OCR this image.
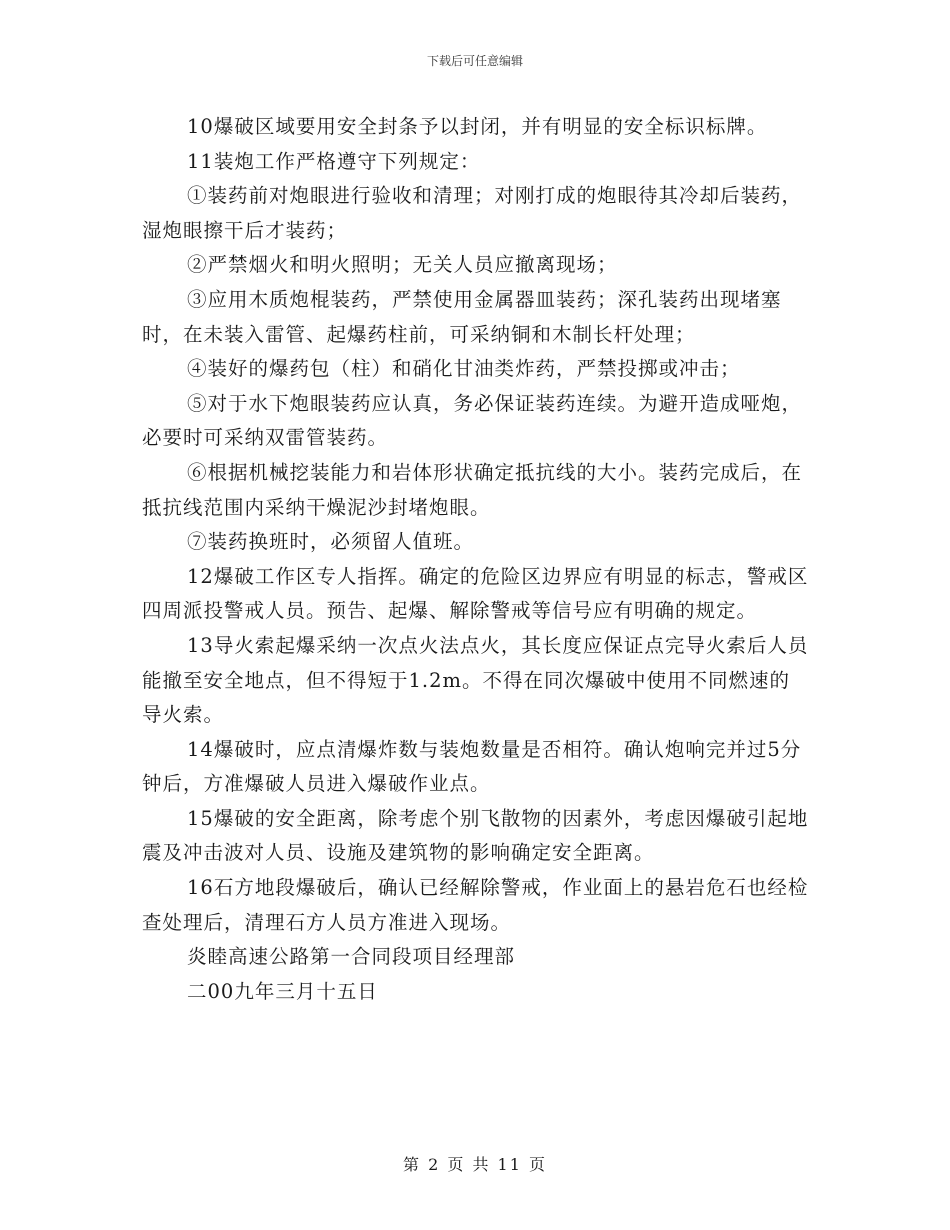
下载后可任意编辑

10爆破区域要用安全封条予以封闭，并有明显的安全标识标牌。

11装炮工作严格遵守下列规定：

①装药前对炮眼进行验收和清理；对刚打成的炮眼待其冷却后装药，湿炮眼擦干后才装药；

②严禁烟火和明火照明；无关人员应撤离现场；

③应用木质炮棍装药，严禁使用金属器皿装药；深孔装药出现堵塞时，在未装入雷管、起爆药柱前，可采纳铜和木制长杆处理；

④装好的爆药包（柱）和硝化甘油类炸药，严禁投掷或冲击；

⑤对于水下炮眼装药应认真，务必保证装药连续。为避开造成哑炮，必要时可采纳双雷管装药。

⑥根据机械挖装能力和岩体形状确定抵抗线的大小。装药完成后，在抵抗线范围内采纳干燥泥沙封堵炮眼。

⑦装药换班时，必须留人值班。

12爆破工作区专人指挥。确定的危险区边界应有明显的标志，警戒区四周派投警戒人员。预告、起爆、解除警戒等信号应有明确的规定。

13导火索起爆采纳一次点火法点火，其长度应保证点完导火索后人员能撤至安全地点，但不得短于1.2m。不得在同次爆破中使用不同燃速的导火索。

14爆破时，应点清爆炸数与装炮数量是否相符。确认炮响完并过5分钟后，方准爆破人员进入爆破作业点。

15爆破的安全距离，除考虑个别飞散物的因素外，考虑因爆破引起地震及冲击波对人员、设施及建筑物的影响确定安全距离。

16石方地段爆破后，确认已经解除警戒，作业面上的悬岩危石也经检查处理后，清理石方人员方准进入现场。

炎睦高速公路第一合同段项目经理部

二00九年三月十五日

第 2 页 共 11 页
